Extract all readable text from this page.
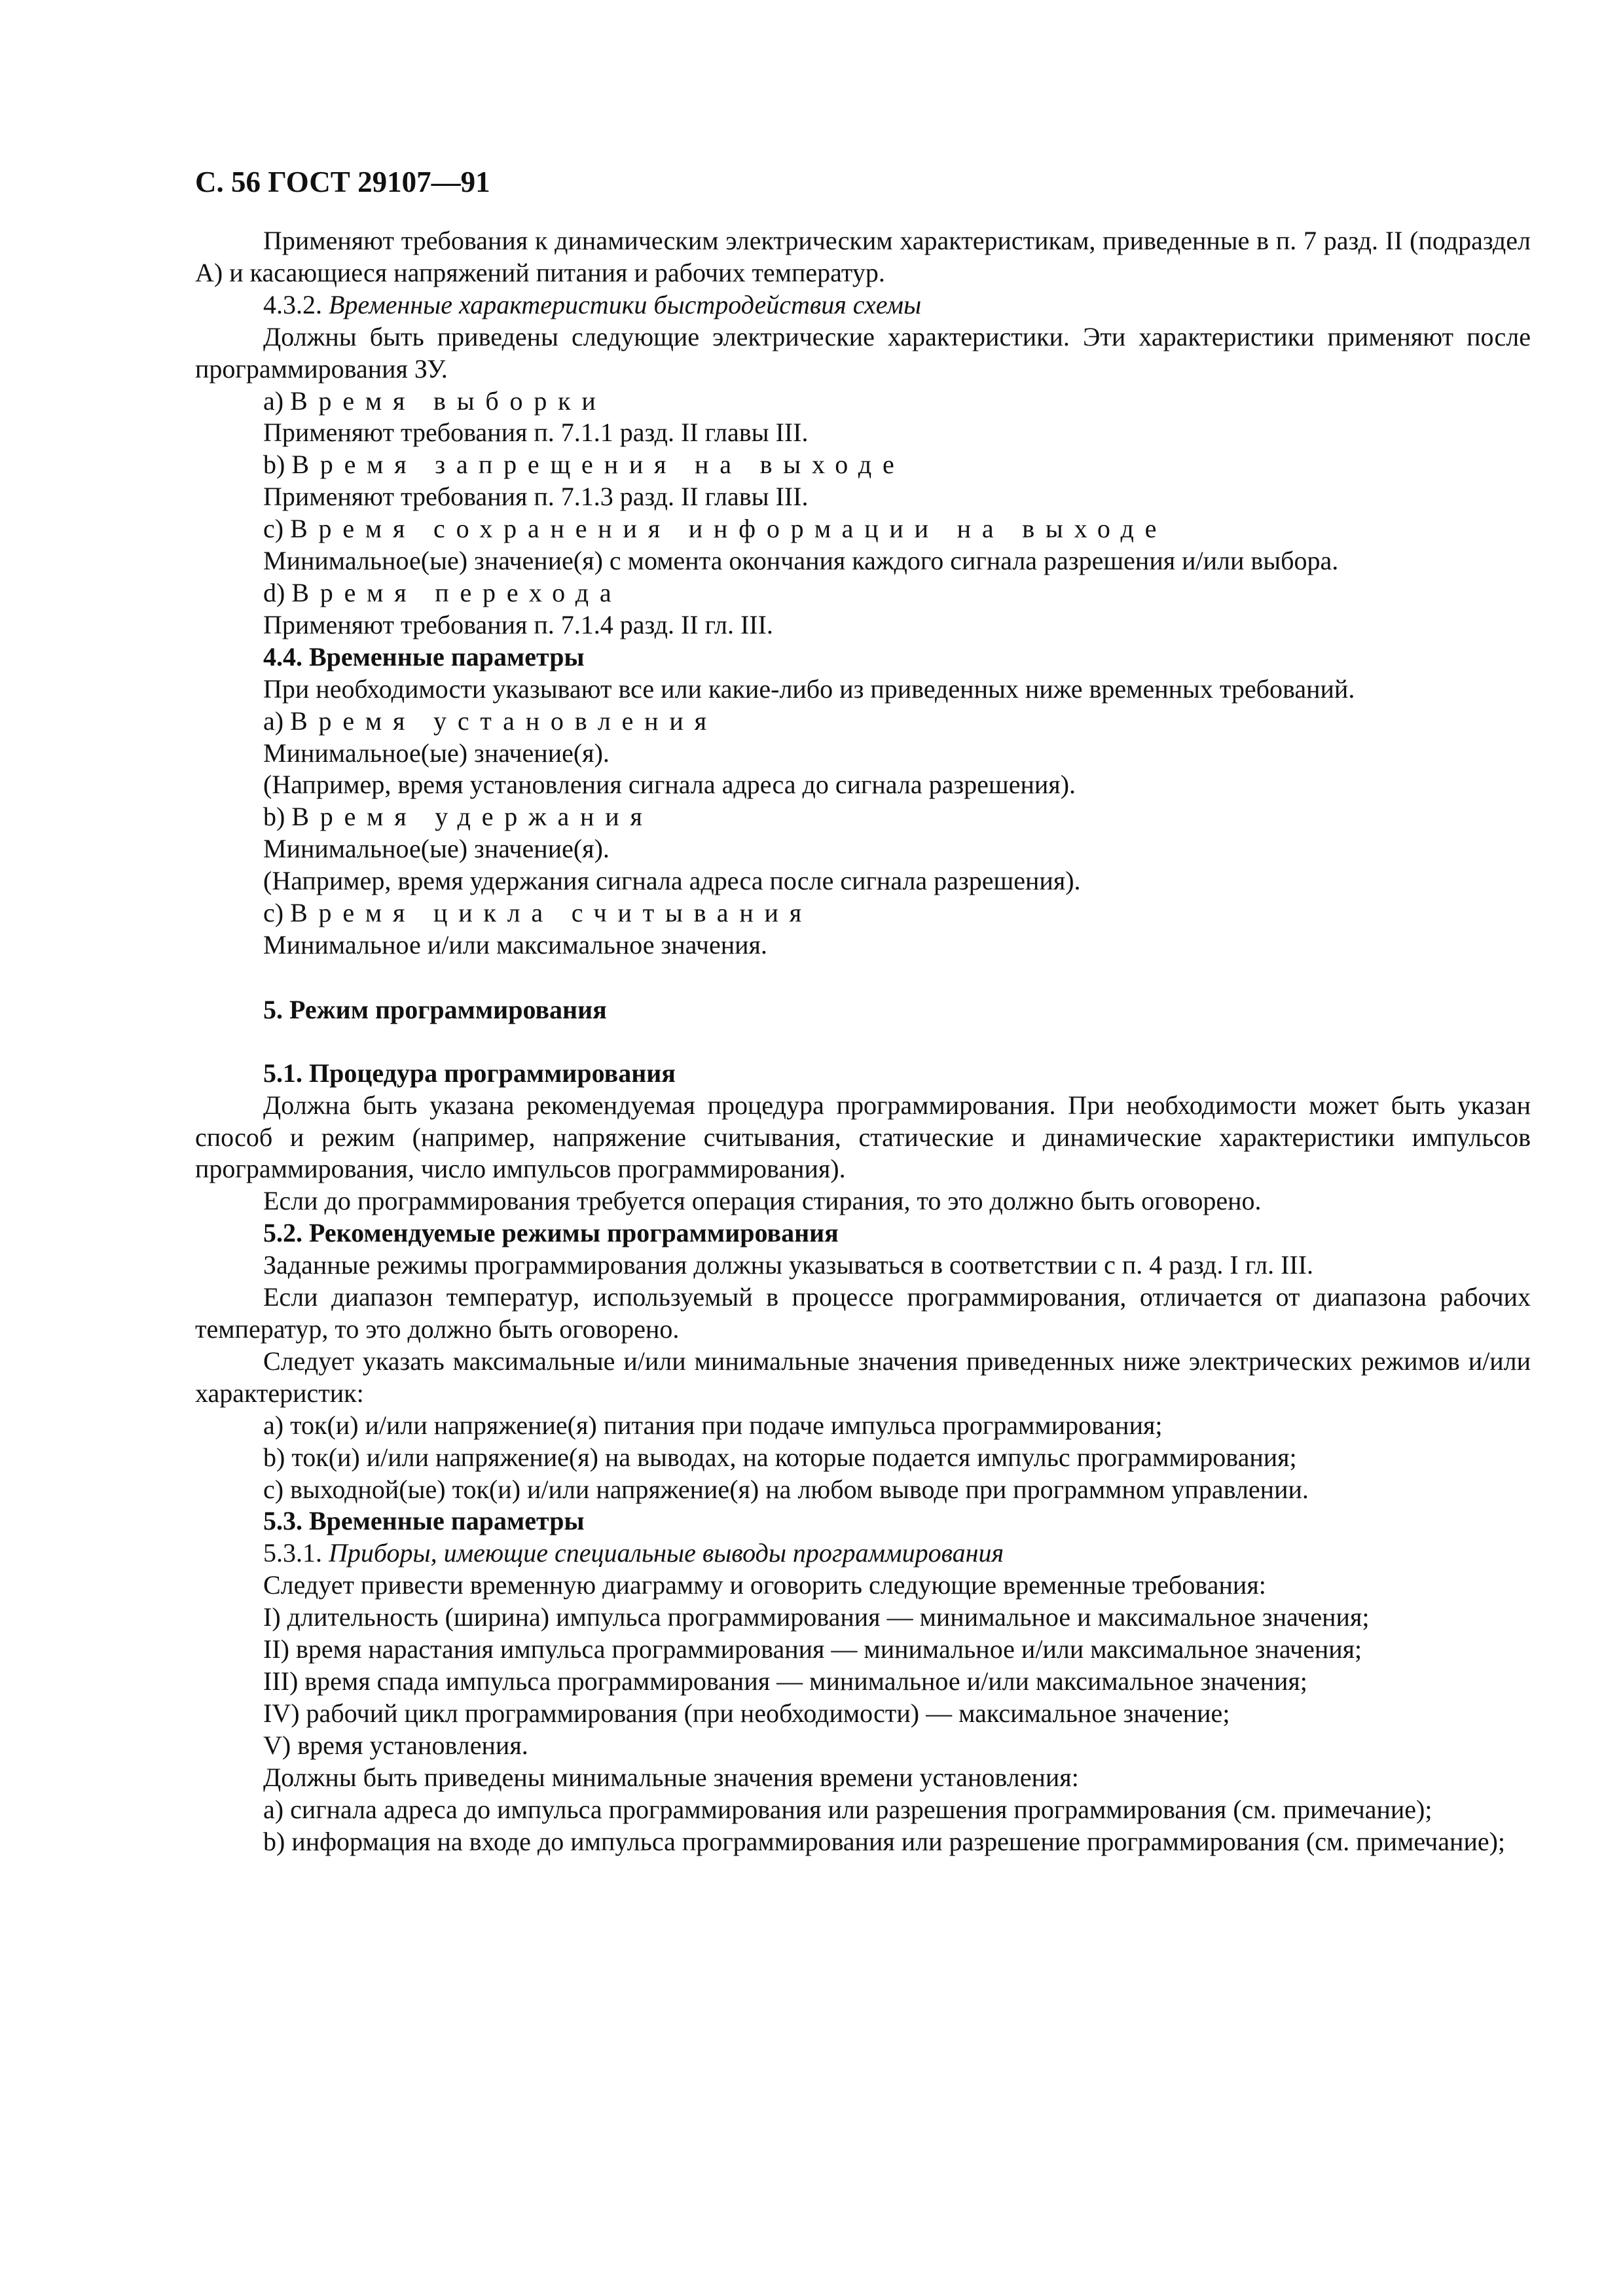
С. 56 ГОСТ 29107—91

Применяют требования к динамическим электрическим характеристикам, приведенные в п. 7 разд. II (подраздел A) и касающиеся напряжений питания и рабочих температур.

4.3.2. Временные характеристики быстродействия схемы

Должны быть приведены следующие электрические характеристики. Эти характеристики применяют после программирования ЗУ.

a) Время выборки

Применяют требования п. 7.1.1 разд. II главы III.

b) Время запрещения на выходе

Применяют требования п. 7.1.3 разд. II главы III.

c) Время сохранения информации на выходе

Минимальное(ые) значение(я) с момента окончания каждого сигнала разрешения и/или выбора.

d) Время перехода

Применяют требования п. 7.1.4 разд. II гл. III.

4.4. Временные параметры

При необходимости указывают все или какие-либо из приведенных ниже временных требований.

a) Время установления

Минимальное(ые) значение(я).

(Например, время установления сигнала адреса до сигнала разрешения).

b) Время удержания

Минимальное(ые) значение(я).

(Например, время удержания сигнала адреса после сигнала разрешения).

c) Время цикла считывания

Минимальное и/или максимальное значения.

5. Режим программирования

5.1. Процедура программирования

Должна быть указана рекомендуемая процедура программирования. При необходимости может быть указан способ и режим (например, напряжение считывания, статические и динамические характеристики импульсов программирования, число импульсов программирования).

Если до программирования требуется операция стирания, то это должно быть оговорено.

5.2. Рекомендуемые режимы программирования

Заданные режимы программирования должны указываться в соответствии с п. 4 разд. I гл. III.

Если диапазон температур, используемый в процессе программирования, отличается от диапазона рабочих температур, то это должно быть оговорено.

Следует указать максимальные и/или минимальные значения приведенных ниже электрических режимов и/или характеристик:

a) ток(и) и/или напряжение(я) питания при подаче импульса программирования;

b) ток(и) и/или напряжение(я) на выводах, на которые подается импульс программирования;

c) выходной(ые) ток(и) и/или напряжение(я) на любом выводе при программном управлении.

5.3. Временные параметры

5.3.1. Приборы, имеющие специальные выводы программирования

Следует привести временную диаграмму и оговорить следующие временные требования:

I) длительность (ширина) импульса программирования — минимальное и максимальное значения;

II) время нарастания импульса программирования — минимальное и/или максимальное значения;

III) время спада импульса программирования — минимальное и/или максимальное значения;

IV) рабочий цикл программирования (при необходимости) — максимальное значение;

V) время установления.

Должны быть приведены минимальные значения времени установления:

a) сигнала адреса до импульса программирования или разрешения программирования (см. примечание);

b) информация на входе до импульса программирования или разрешение программирования (см. примечание);
